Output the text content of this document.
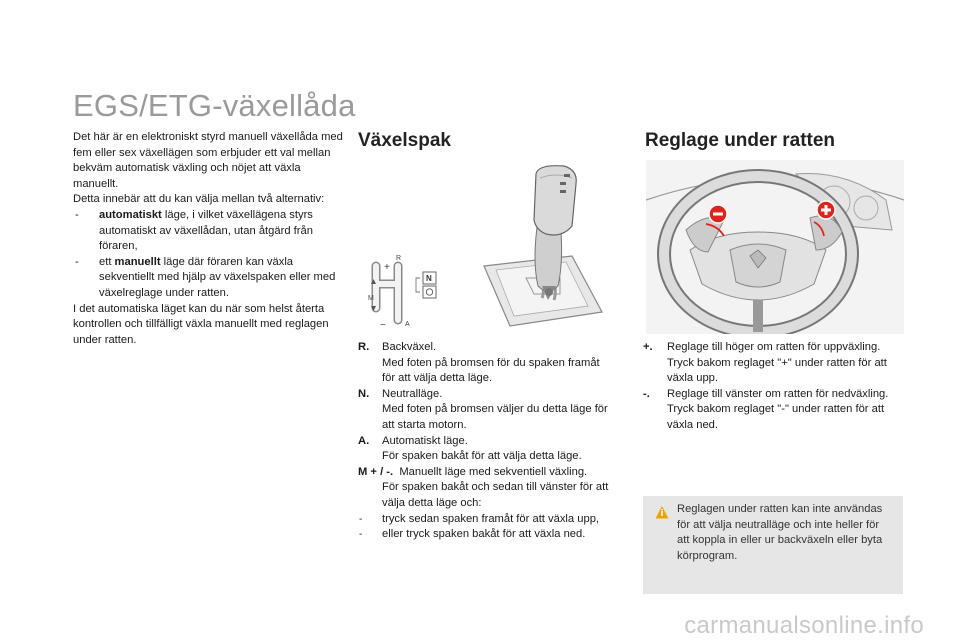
EGS/ETG-växellåda

Det här är en elektroniskt styrd manuell växellåda med fem eller sex växellägen som erbjuder ett val mellan bekväm automatisk växling och nöjet att växla manuellt.

Detta innebär att du kan välja mellan två alternativ:

- automatiskt läge, i vilket växellägena styrs automatiskt av växellådan, utan åtgärd från föraren,
- ett manuellt läge där föraren kan växla sekventiellt med hjälp av växelspaken eller med växelreglage under ratten.

I det automatiska läget kan du när som helst återta kontrollen och tillfälligt växla manuellt med reglagen under ratten.

Växelspak
R
A
M
+
−
N
R. Backväxel.
Med foten på bromsen för du spaken framåt för att välja detta läge.
N. Neutralläge.
Med foten på bromsen väljer du detta läge för att starta motorn.
A. Automatiskt läge.
För spaken bakåt för att välja detta läge.
M + / -. Manuellt läge med sekventiell växling.
För spaken bakåt och sedan till vänster för att välja detta läge och:
- tryck sedan spaken framåt för att växla upp,
- eller tryck spaken bakåt för att växla ned.
Reglage under ratten
+. Reglage till höger om ratten för uppväxling.
Tryck bakom reglaget "+" under ratten för att växla upp.
-. Reglage till vänster om ratten för nedväxling.
Tryck bakom reglaget "-" under ratten för att växla ned.
Reglagen under ratten kan inte användas för att välja neutralläge och inte heller för att koppla in eller ur backväxeln eller byta körprogram.
carmanualsonline.info
